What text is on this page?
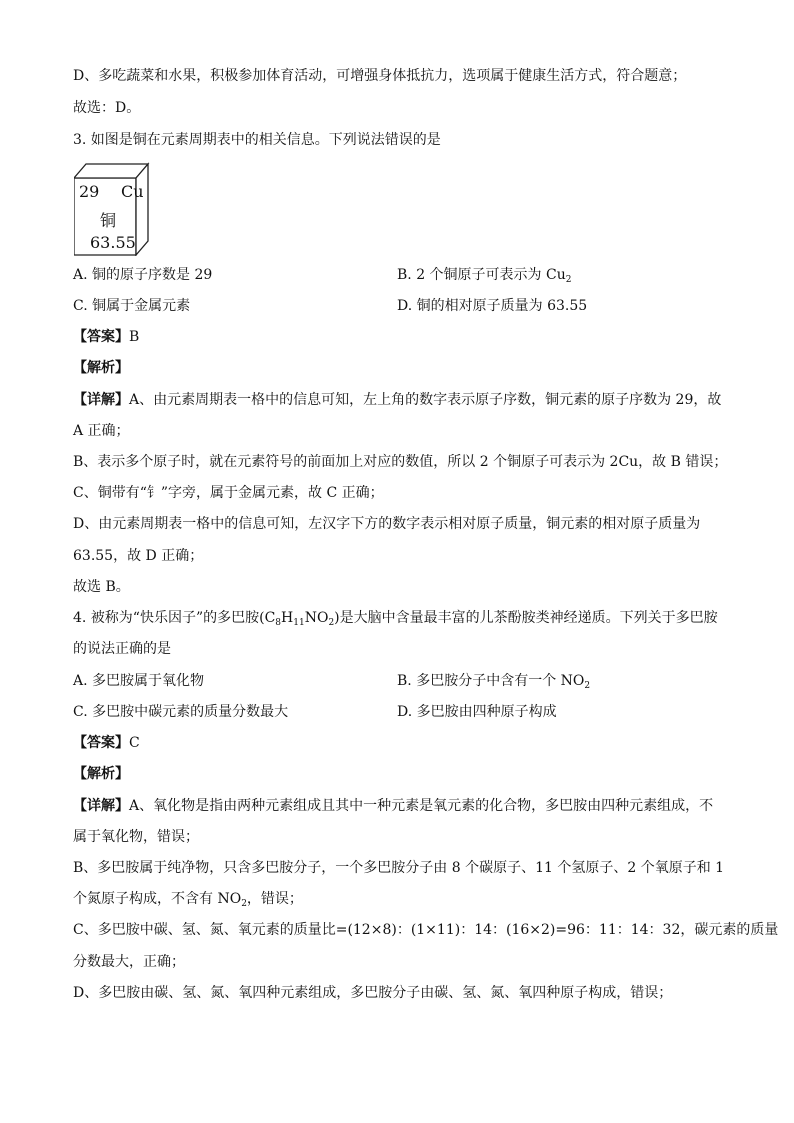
D、多吃蔬菜和水果，积极参加体育活动，可增强身体抵抗力，选项属于健康生活方式，符合题意；
故选：D。
3. 如图是铜在元素周期表中的相关信息。下列说法错误的是
29 Cu
铜
63.55
A. 铜的原子序数是 29	B. 2 个铜原子可表示为 $Cu_2$
C. 铜属于金属元素	D. 铜的相对原子质量为 63.55
【答案】B
【解析】
【详解】A、由元素周期表一格中的信息可知，左上角的数字表示原子序数，铜元素的原子序数为 29，故
A 正确；
B、表示多个原子时，就在元素符号的前面加上对应的数值，所以 2 个铜原子可表示为 2Cu，故 B 错误；
C、铜带有“钅”字旁，属于金属元素，故 C 正确；
D、由元素周期表一格中的信息可知，左汉字下方的数字表示相对原子质量，铜元素的相对原子质量为
63.55，故 D 正确；
故选 B。
4. 被称为“快乐因子”的多巴胺$(C_8H_{11}NO_2)$是大脑中含量最丰富的儿茶酚胺类神经递质。下列关于多巴胺
的说法正确的是
A. 多巴胺属于氧化物	B. 多巴胺分子中含有一个 $NO_2$
C. 多巴胺中碳元素的质量分数最大	D. 多巴胺由四种原子构成
【答案】C
【解析】
【详解】A、氧化物是指由两种元素组成且其中一种元素是氧元素的化合物，多巴胺由四种元素组成，不
属于氧化物，错误；
B、多巴胺属于纯净物，只含多巴胺分子，一个多巴胺分子由 8 个碳原子、11 个氢原子、2 个氧原子和 1
个氮原子构成，不含有 $NO_2$，错误；
C、多巴胺中碳、氢、氮、氧元素的质量比=(12×8)：(1×11)：14：(16×2)=96：11：14：32，碳元素的质量
分数最大，正确；
D、多巴胺由碳、氢、氮、氧四种元素组成，多巴胺分子由碳、氢、氮、氧四种原子构成，错误；
